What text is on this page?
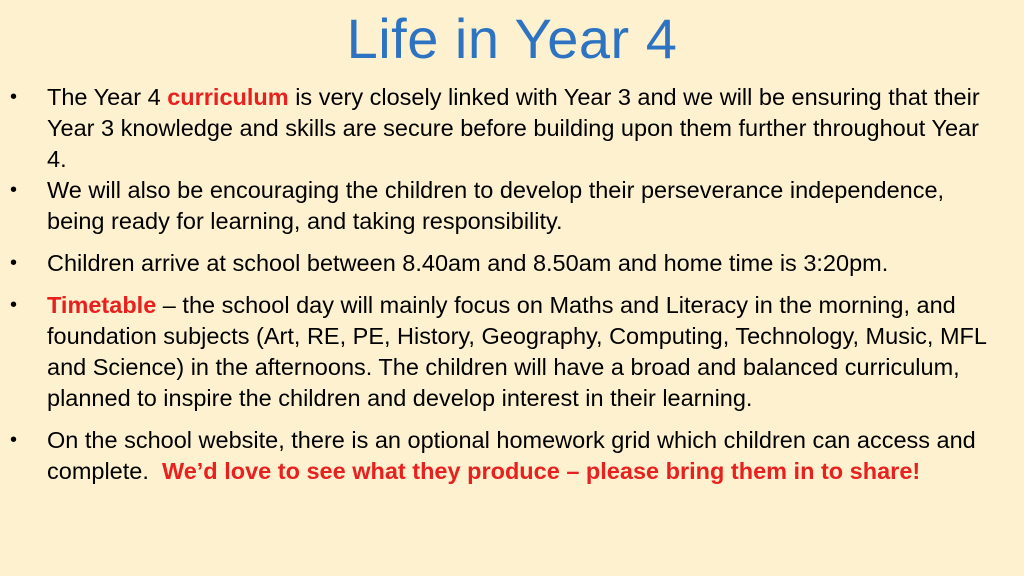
Life in Year 4
• The Year 4 curriculum is very closely linked with Year 3 and we will be ensuring that their Year 3 knowledge and skills are secure before building upon them further throughout Year 4.
• We will also be encouraging the children to develop their perseverance independence, being ready for learning, and taking responsibility.
• Children arrive at school between 8.40am and 8.50am and home time is 3:20pm.
• Timetable – the school day will mainly focus on Maths and Literacy in the morning, and foundation subjects (Art, RE, PE, History, Geography, Computing, Technology, Music, MFL and Science) in the afternoons. The children will have a broad and balanced curriculum, planned to inspire the children and develop interest in their learning.
• On the school website, there is an optional homework grid which children can access and complete.  We’d love to see what they produce – please bring them in to share!
